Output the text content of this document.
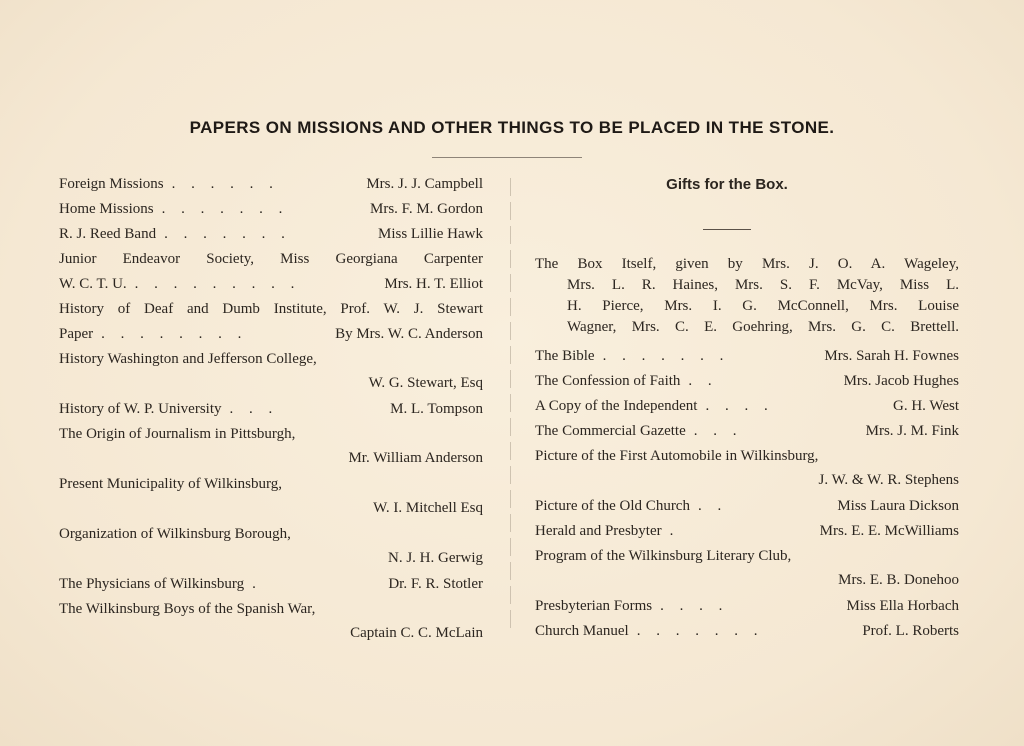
PAPERS ON MISSIONS AND OTHER THINGS TO BE PLACED IN THE STONE.
Foreign Missions . . . . . .	Mrs. J. J. Campbell
Home Missions . . . . . . .	Mrs. F. M. Gordon
R. J. Reed Band . . . . . . .	Miss Lillie Hawk
Junior Endeavor Society, Miss Georgiana Carpenter
W. C. T. U. . . . . . . . . .	Mrs. H. T. Elliot
History of Deaf and Dumb Institute, Prof. W. J. Stewart
Paper . . . . . . . .	By Mrs. W. C. Anderson
History Washington and Jefferson College,
W. G. Stewart, Esq
History of W. P. University . . .	M. L. Tompson
The Origin of Journalism in Pittsburgh,
Mr. William Anderson
Present Municipality of Wilkinsburg,
W. I. Mitchell Esq
Organization of Wilkinsburg Borough,
N. J. H. Gerwig
The Physicians of Wilkinsburg .	Dr. F. R. Stotler
The Wilkinsburg Boys of the Spanish War,
Captain C. C. McLain
Gifts for the Box.
The Box Itself, given by Mrs. J. O. A. Wageley,
Mrs. L. R. Haines, Mrs. S. F. McVay, Miss L.
H. Pierce, Mrs. I. G. McConnell, Mrs. Louise
Wagner, Mrs. C. E. Goehring, Mrs. G. C. Brettell.
The Bible . . . . . . .	Mrs. Sarah H. Fownes
The Confession of Faith . .	Mrs. Jacob Hughes
A Copy of the Independent . . . .	G. H. West
The Commercial Gazette . . .	Mrs. J. M. Fink
Picture of the First Automobile in Wilkinsburg,
J. W. & W. R. Stephens
Picture of the Old Church . .	Miss Laura Dickson
Herald and Presbyter .	Mrs. E. E. McWilliams
Program of the Wilkinsburg Literary Club,
Mrs. E. B. Donehoo
Presbyterian Forms . . . .	Miss Ella Horbach
Church Manuel . . . . . . .	Prof. L. Roberts
